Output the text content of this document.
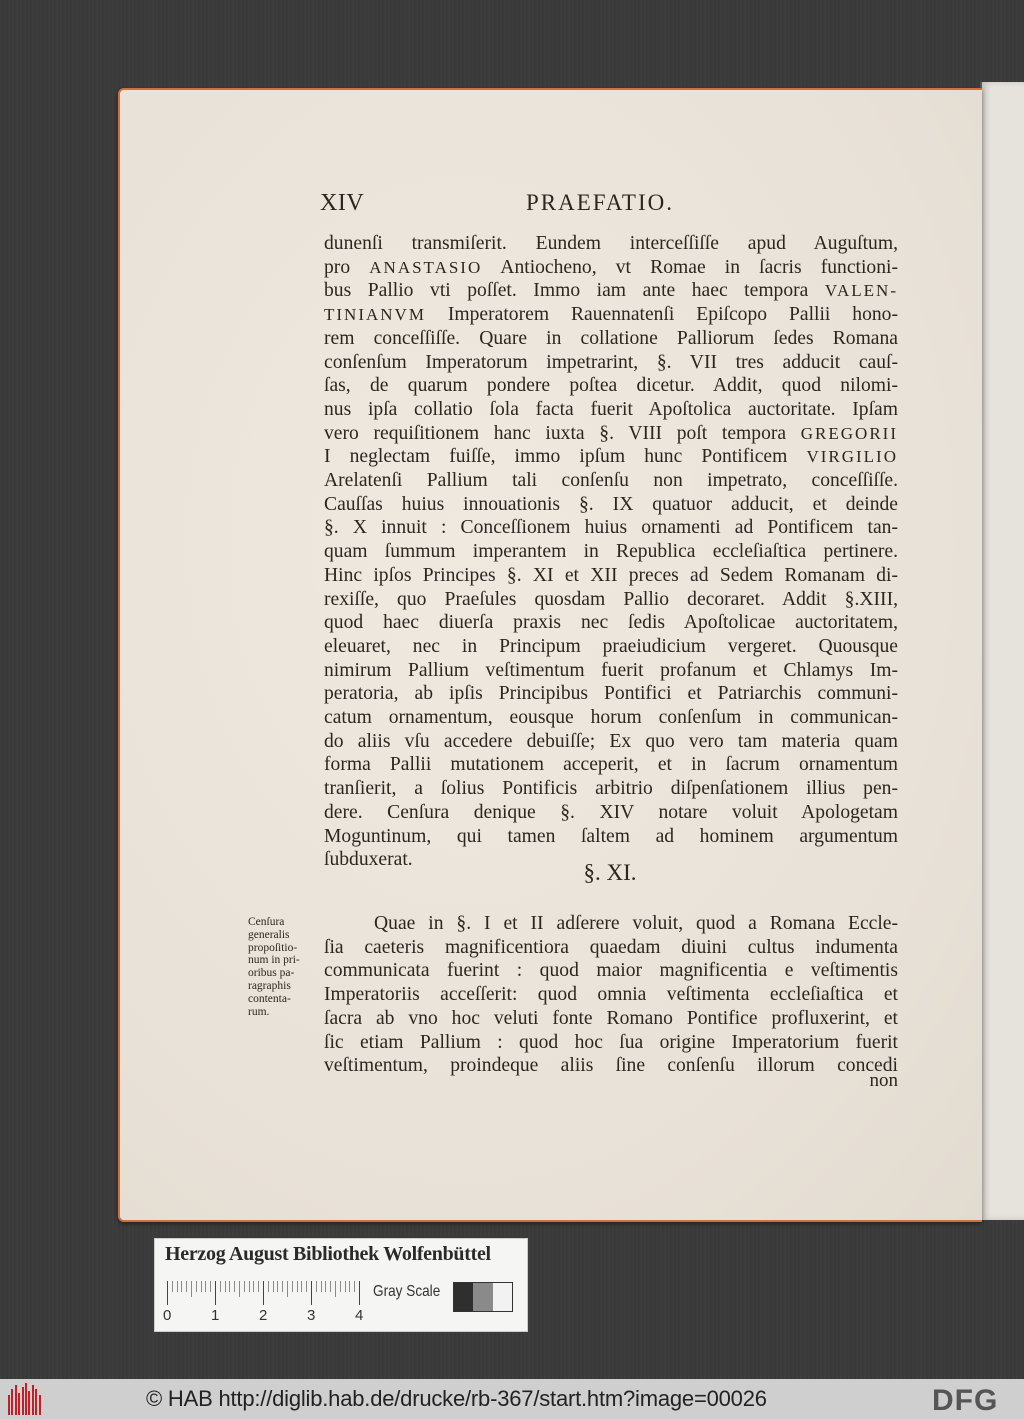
XIV	PRAEFATIO.
dunenſi transmiſerit. Eundem interceſſiſſe apud Auguſtum,
pro ANASTASIO Antiocheno, vt Romae in ſacris functioni-
bus Pallio vti poſſet. Immo iam ante haec tempora VALEN-
TINIANVM Imperatorem Rauennatenſi Epiſcopo Pallii hono-
rem conceſſiſſe. Quare in collatione Palliorum ſedes Romana
conſenſum Imperatorum impetrarint, §. VII tres adducit cauſ-
ſas, de quarum pondere poſtea dicetur. Addit, quod nilomi-
nus ipſa collatio ſola facta fuerit Apoſtolica auctoritate. Ipſam
vero requiſitionem hanc iuxta §. VIII poſt tempora GREGORII
I neglectam fuiſſe, immo ipſum hunc Pontificem VIRGILIO
Arelatenſi Pallium tali conſenſu non impetrato, conceſſiſſe.
Cauſſas huius innouationis §. IX quatuor adducit, et deinde
§. X innuit : Conceſſionem huius ornamenti ad Pontificem tan-
quam ſummum imperantem in Republica eccleſiaſtica pertinere.
Hinc ipſos Principes §. XI et XII preces ad Sedem Romanam di-
rexiſſe, quo Praeſules quosdam Pallio decoraret. Addit §.XIII,
quod haec diuerſa praxis nec ſedis Apoſtolicae auctoritatem,
eleuaret, nec in Principum praeiudicium vergeret. Quousque
nimirum Pallium veſtimentum fuerit profanum et Chlamys Im-
peratoria, ab ipſis Principibus Pontifici et Patriarchis communi-
catum ornamentum, eousque horum conſenſum in communican-
do aliis vſu accedere debuiſſe; Ex quo vero tam materia quam
forma Pallii mutationem acceperit, et in ſacrum ornamentum
tranſierit, a ſolius Pontificis arbitrio diſpenſationem illius pen-
dere. Cenſura denique §. XIV notare voluit Apologetam
Moguntinum, qui tamen ſaltem ad hominem argumentum
ſubduxerat.
§. XI.
Cenſura
generalis
propoſitio-
num in pri-
oribus pa-
ragraphis
contenta-
rum.
Quae in §. I et II adſerere voluit, quod a Romana Eccle-
ſia caeteris magnificentiora quaedam diuini cultus indumenta
communicata fuerint : quod maior magnificentia e veſtimentis
Imperatoriis acceſſerit: quod omnia veſtimenta eccleſiaſtica et
ſacra ab vno hoc veluti fonte Romano Pontifice profluxerint, et
ſic etiam Pallium : quod hoc ſua origine Imperatorium fuerit
veſtimentum, proindeque aliis ſine conſenſu illorum concedi
non
Herzog August Bibliothek Wolfenbüttel
0	1	2	3	4
Gray Scale
© HAB http://diglib.hab.de/drucke/rb-367/start.htm?image=00026	DFG
